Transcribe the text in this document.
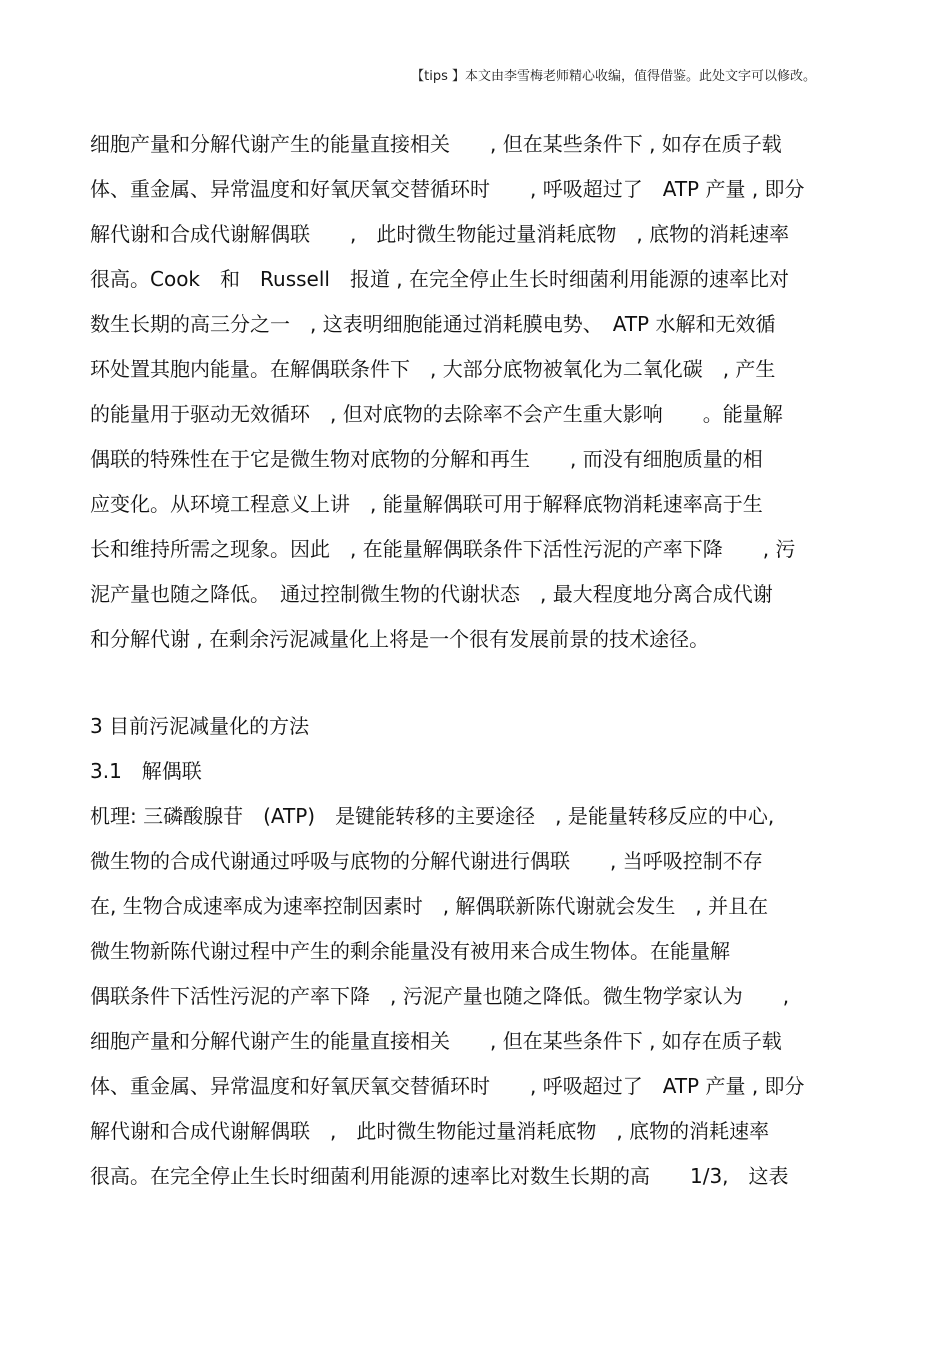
【tips 】本文由李雪梅老师精心收编，值得借鉴。此处文字可以修改。
细胞产量和分解代谢产生的能量直接相关　　, 但在某些条件下 , 如存在质子载
体、重金属、异常温度和好氧厌氧交替循环时　　, 呼吸超过了　ATP 产量 , 即分
解代谢和合成代谢解偶联　　,　此时微生物能过量消耗底物　, 底物的消耗速率
很高。Cook　和　Russell　报道 , 在完全停止生长时细菌利用能源的速率比对
数生长期的高三分之一　, 这表明细胞能通过消耗膜电势、　ATP 水解和无效循
环处置其胞内能量。在解偶联条件下　, 大部分底物被氧化为二氧化碳　, 产生
的能量用于驱动无效循环　, 但对底物的去除率不会产生重大影响　　。能量解
偶联的特殊性在于它是微生物对底物的分解和再生　　, 而没有细胞质量的相
应变化。从环境工程意义上讲　, 能量解偶联可用于解释底物消耗速率高于生
长和维持所需之现象。因此　, 在能量解偶联条件下活性污泥的产率下降　　, 污
泥产量也随之降低。　通过控制微生物的代谢状态　, 最大程度地分离合成代谢
和分解代谢 , 在剩余污泥减量化上将是一个很有发展前景的技术途径。
3 目前污泥减量化的方法
3.1　解偶联
机理: 三磷酸腺苷　(ATP)　是键能转移的主要途径　, 是能量转移反应的中心,
微生物的合成代谢通过呼吸与底物的分解代谢进行偶联　　, 当呼吸控制不存
在, 生物合成速率成为速率控制因素时　, 解偶联新陈代谢就会发生　, 并且在
微生物新陈代谢过程中产生的剩余能量没有被用来合成生物体。在能量解
偶联条件下活性污泥的产率下降　, 污泥产量也随之降低。微生物学家认为　　,
细胞产量和分解代谢产生的能量直接相关　　, 但在某些条件下 , 如存在质子载
体、重金属、异常温度和好氧厌氧交替循环时　　, 呼吸超过了　ATP 产量 , 即分
解代谢和合成代谢解偶联　,　此时微生物能过量消耗底物　, 底物的消耗速率
很高。在完全停止生长时细菌利用能源的速率比对数生长期的高　　1/3,　这表
